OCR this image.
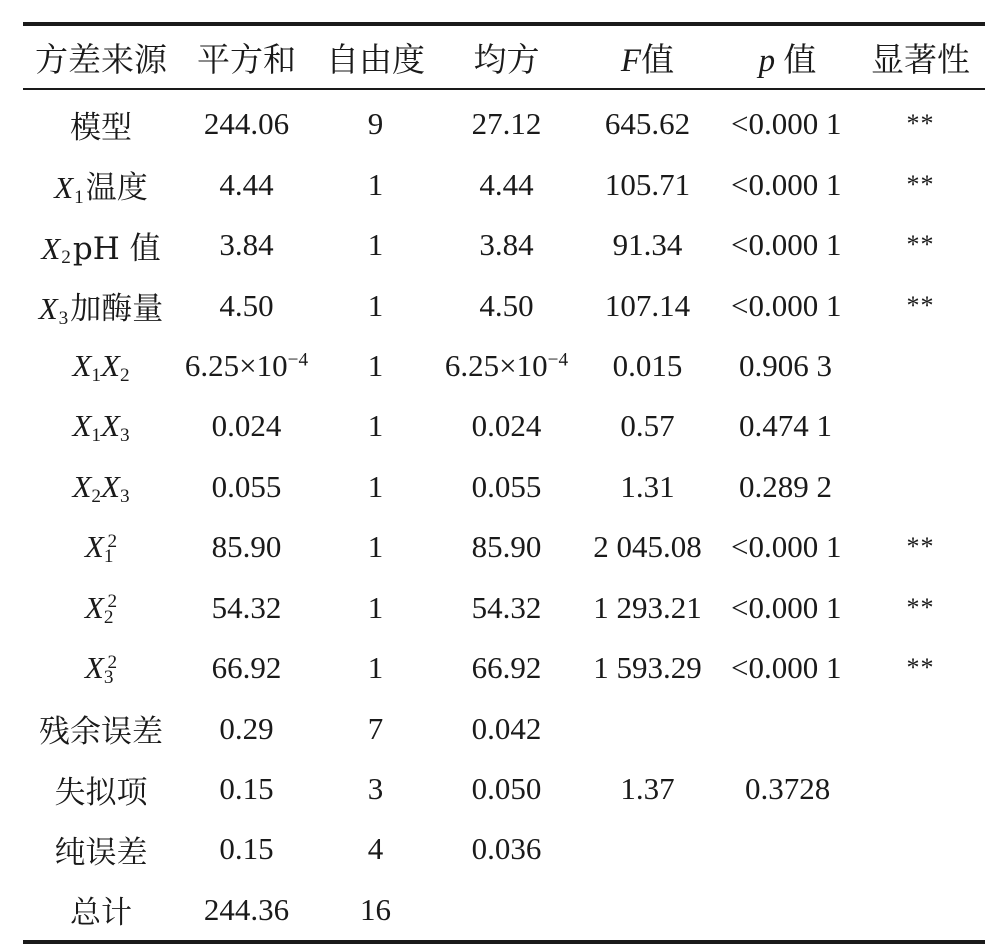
方差来源	平方和	自由度	均方	F值	p 值	显著性

模型	244.06	9	27.12	645.62	<0.000 1	**
$X_1$温度	4.44	1	4.44	105.71	<0.000 1	**
$X_2pH$ 值	3.84	1	3.84	91.34	<0.000 1	**
$X_3$加酶量	4.50	1	4.50	107.14	<0.000 1	**
$X_1X_2$	$6.25\times 10^{-4}$	1	$6.25\times 10^{-4}$	0.015	0.906 3	
$X_1X_3$	0.024	1	0.024	0.57	0.474 1	
$X_2X_3$	0.055	1	0.055	1.31	0.289 2	
$X_1^2$	85.90	1	85.90	2 045.08	<0.000 1	**
$X_2^2$	54.32	1	54.32	1 293.21	<0.000 1	**
$X_3^2$	66.92	1	66.92	1 593.29	<0.000 1	**
残余误差	0.29	7	0.042			
失拟项	0.15	3	0.050	1.37	0.3728	
纯误差	0.15	4	0.036			
总计	244.36	16				
